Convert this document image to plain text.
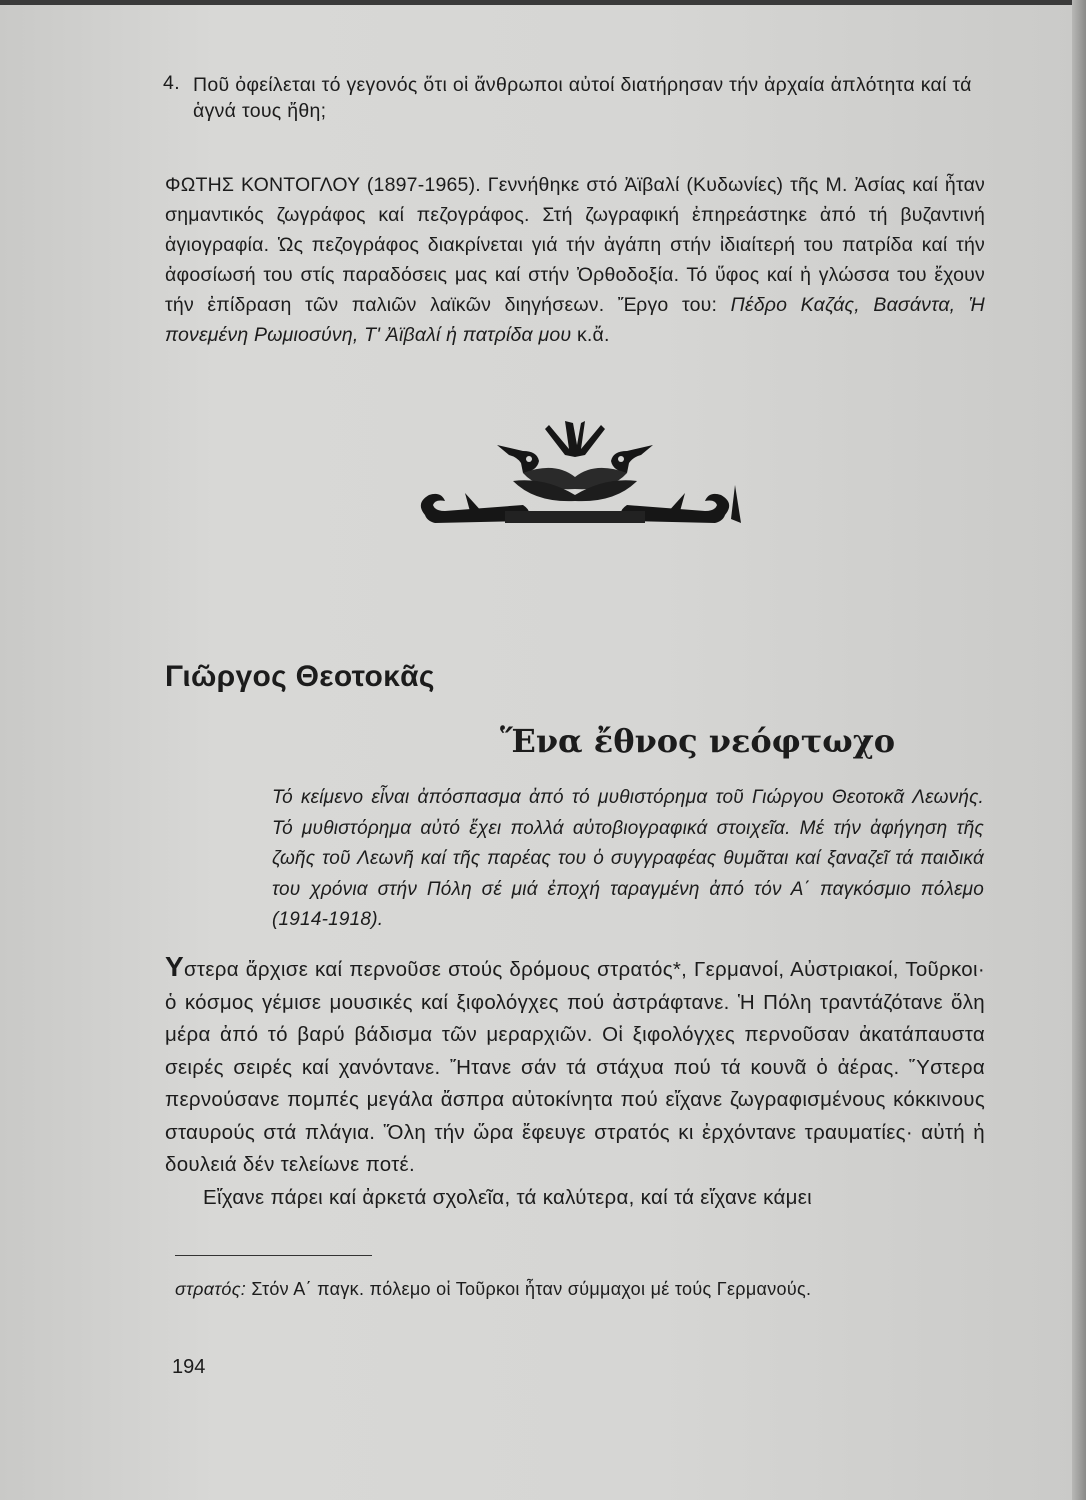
4. Ποῦ ὀφείλεται τό γεγονός ὅτι οἱ ἄνθρωποι αὐτοί διατήρησαν τήν ἀρχαία ἁπλότητα καί τά ἁγνά τους ἤθη;
ΦΩΤΗΣ ΚΟΝΤΟΓΛΟΥ (1897-1965). Γεννήθηκε στό Ἀϊβαλί (Κυδωνίες) τῆς Μ. Ἀσίας καί ἦταν σημαντικός ζωγράφος καί πεζογράφος. Στή ζωγραφική ἐπηρεάστηκε ἀπό τή βυζαντινή ἁγιογραφία. Ὡς πεζογράφος διακρίνεται γιά τήν ἀγάπη στήν ἰδιαίτερή του πατρίδα καί τήν ἀφοσίωσή του στίς παραδόσεις μας καί στήν Ὀρθοδοξία. Τό ὕφος καί ἡ γλώσσα του ἔχουν τήν ἐπίδραση τῶν παλιῶν λαϊκῶν διηγήσεων. Ἔργο του: Πέδρο Καζάς, Βασάντα, Ἡ πονεμένη Ρωμιοσύνη, Τ' Ἀϊβαλί ἡ πατρίδα μου κ.ἄ.
Γιῶργος Θεοτοκᾶς
Ἕνα ἔθνος νεόφτωχο
Τό κείμενο εἶναι ἀπόσπασμα ἀπό τό μυθιστόρημα τοῦ Γιώργου Θεοτοκᾶ Λεωνής. Τό μυθιστόρημα αὐτό ἔχει πολλά αὐτοβιογραφικά στοιχεῖα. Μέ τήν ἀφήγηση τῆς ζωῆς τοῦ Λεωνῆ καί τῆς παρέας του ὁ συγγραφέας θυμᾶται καί ξαναζεῖ τά παιδικά του χρόνια στήν Πόλη σέ μιά ἐποχή ταραγμένη ἀπό τόν Α΄ παγκόσμιο πόλεμο (1914-1918).

Υστερα ἄρχισε καί περνοῦσε στούς δρόμους στρατός*, Γερμανοί, Αὐστριακοί, Τοῦρκοι· ὁ κόσμος γέμισε μουσικές καί ξιφολόγχες πού ἀστράφτανε. Ἡ Πόλη τραντάζότανε ὅλη μέρα ἀπό τό βαρύ βάδισμα τῶν μεραρχιῶν. Οἱ ξιφολόγχες περνοῦσαν ἀκατάπαυστα σειρές σειρές καί χανόντανε. Ἤτανε σάν τά στάχυα πού τά κουνᾶ ὁ ἀέρας. Ὕστερα περνούσανε πομπές μεγάλα ἄσπρα αὐτοκίνητα πού εἴχανε ζωγραφισμένους κόκκινους σταυρούς στά πλάγια. Ὅλη τήν ὥρα ἔφευγε στρατός κι ἐρχόντανε τραυματίες· αὐτή ἡ δουλειά δέν τελείωνε ποτέ.

Εἴχανε πάρει καί ἀρκετά σχολεῖα, τά καλύτερα, καί τά εἴχανε κάμει

στρατός: Στόν Α΄ παγκ. πόλεμο οἱ Τοῦρκοι ἦταν σύμμαχοι μέ τούς Γερμανούς.
194
